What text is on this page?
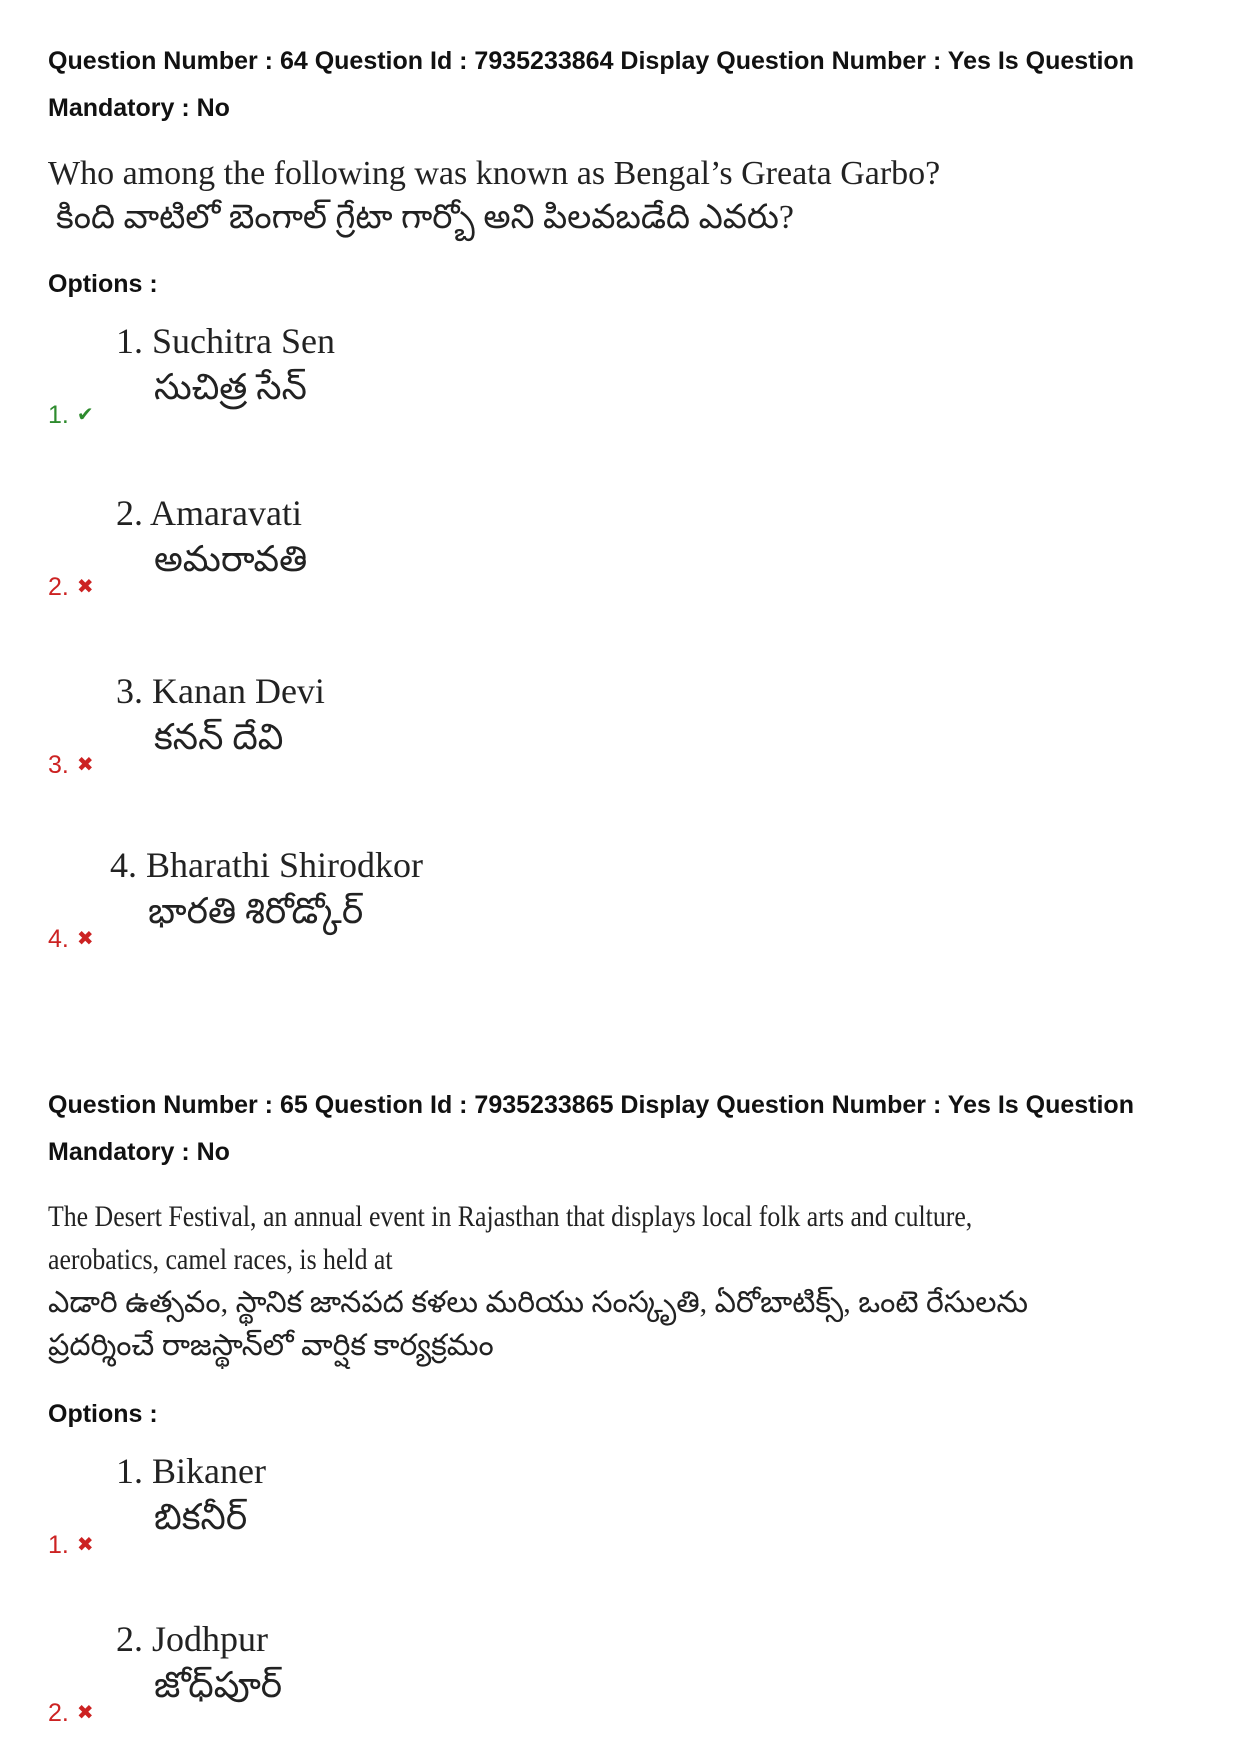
Question Number : 64 Question Id : 7935233864 Display Question Number : Yes Is Question
Mandatory : No
Who among the following was known as Bengal’s Greata Garbo?
కింది వాటిలో బెంగాల్ గ్రేటా గార్బో అని పిలవబడేది ఎవరు?
Options :
1. ✔
1. Suchitra Sen
సుచిత్ర సేన్
2. ✖
2. Amaravati
అమరావతి
3. ✖
3. Kanan Devi
కనన్ దేవి
4. ✖
4. Bharathi Shirodkor
భారతి శిరోడ్కోర్
Question Number : 65 Question Id : 7935233865 Display Question Number : Yes Is Question
Mandatory : No
The Desert Festival, an annual event in Rajasthan that displays local folk arts and culture,
aerobatics, camel races, is held at
ఎడారి ఉత్సవం, స్థానిక జానపద కళలు మరియు సంస్కృతి, ఏరోబాటిక్స్, ఒంటె రేసులను
ప్రదర్శించే రాజస్థాన్‌లో వార్షిక కార్యక్రమం
Options :
1. ✖
1. Bikaner
బికనీర్
2. ✖
2. Jodhpur
జోధ్‌పూర్
